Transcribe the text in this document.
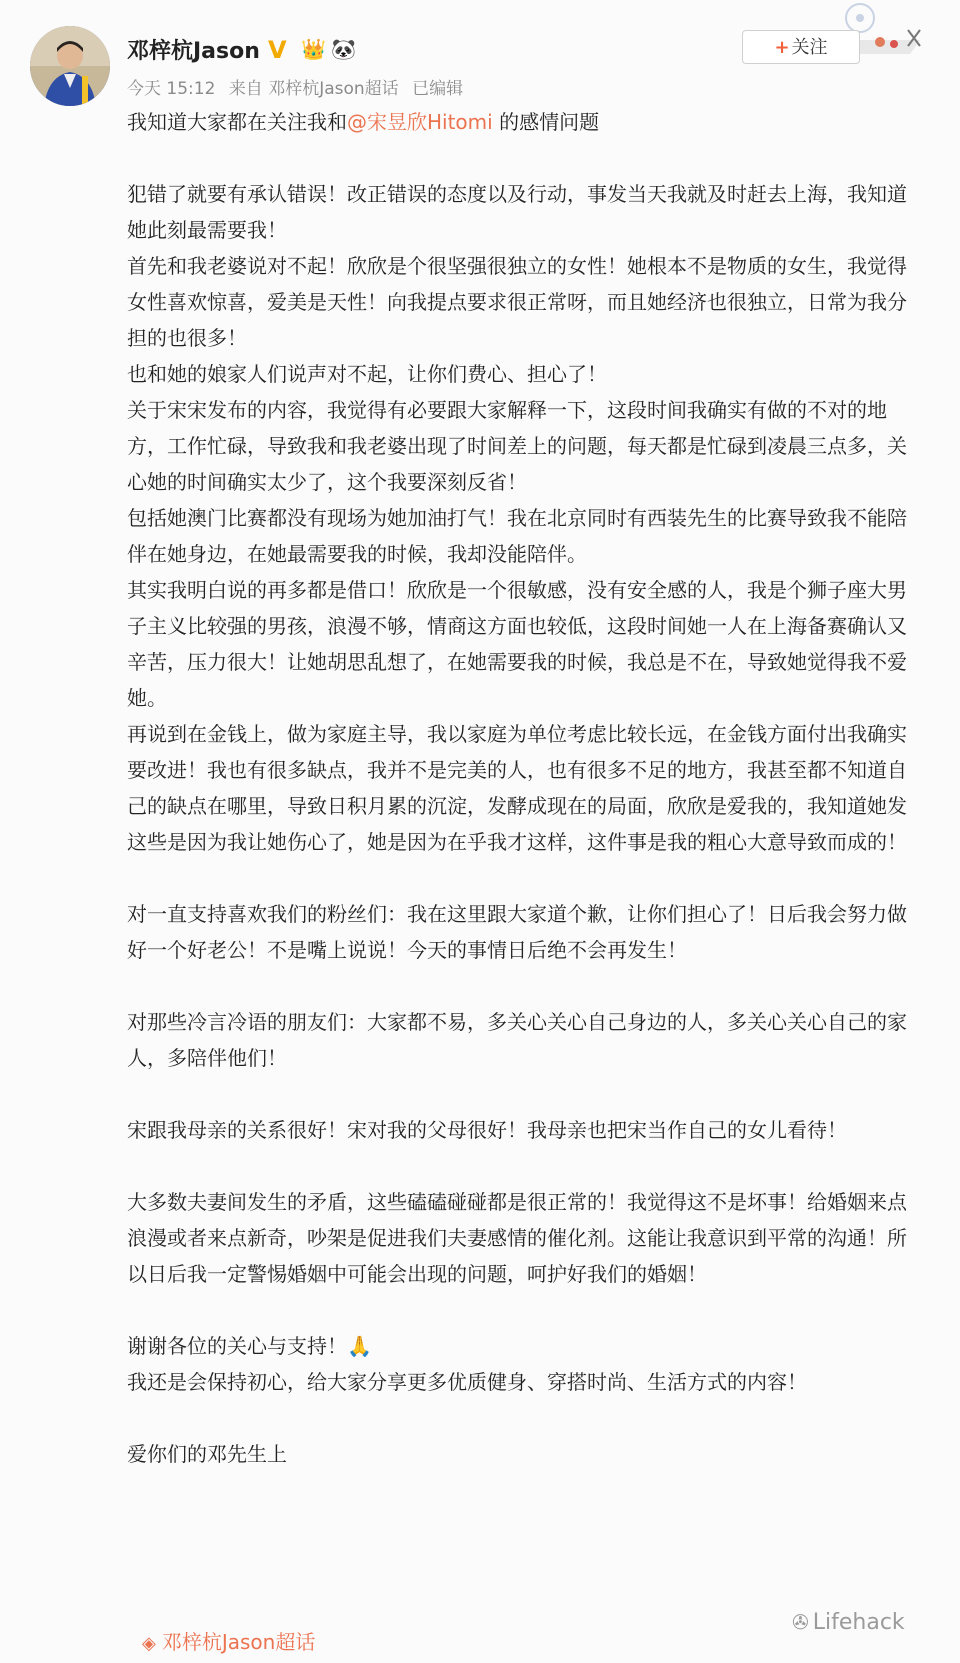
邓梓杭Jason V 👑 🐼
今天 15:12 来自 邓梓杭Jason超话 已编辑
+ 关注

我知道大家都在关注我和@宋昱欣Hitomi 的感情问题

犯错了就要有承认错误！改正错误的态度以及行动，事发当天我就及时赶去上海，我知道她此刻最需要我！

首先和我老婆说对不起！欣欣是个很坚强很独立的女性！她根本不是物质的女生，我觉得女性喜欢惊喜，爱美是天性！向我提点要求很正常呀，而且她经济也很独立，日常为我分担的也很多！

也和她的娘家人们说声对不起，让你们费心、担心了！

关于宋宋发布的内容，我觉得有必要跟大家解释一下，这段时间我确实有做的不对的地方，工作忙碌，导致我和我老婆出现了时间差上的问题，每天都是忙碌到凌晨三点多，关心她的时间确实太少了，这个我要深刻反省！

包括她澳门比赛都没有现场为她加油打气！我在北京同时有西装先生的比赛导致我不能陪伴在她身边，在她最需要我的时候，我却没能陪伴。

其实我明白说的再多都是借口！欣欣是一个很敏感，没有安全感的人，我是个狮子座大男子主义比较强的男孩，浪漫不够，情商这方面也较低，这段时间她一人在上海备赛确认又辛苦，压力很大！让她胡思乱想了，在她需要我的时候，我总是不在，导致她觉得我不爱她。

再说到在金钱上，做为家庭主导，我以家庭为单位考虑比较长远，在金钱方面付出我确实要改进！我也有很多缺点，我并不是完美的人，也有很多不足的地方，我甚至都不知道自己的缺点在哪里，导致日积月累的沉淀，发酵成现在的局面，欣欣是爱我的，我知道她发这些是因为我让她伤心了，她是因为在乎我才这样，这件事是我的粗心大意导致而成的！

对一直支持喜欢我们的粉丝们：我在这里跟大家道个歉，让你们担心了！日后我会努力做好一个好老公！不是嘴上说说！今天的事情日后绝不会再发生！

对那些冷言冷语的朋友们：大家都不易，多关心关心自己身边的人，多关心关心自己的家人，多陪伴他们！

宋跟我母亲的关系很好！宋对我的父母很好！我母亲也把宋当作自己的女儿看待！

大多数夫妻间发生的矛盾，这些磕磕碰碰都是很正常的！我觉得这不是坏事！给婚姻来点浪漫或者来点新奇，吵架是促进我们夫妻感情的催化剂。这能让我意识到平常的沟通！所以日后我一定警惕婚姻中可能会出现的问题，呵护好我们的婚姻！

谢谢各位的关心与支持！🙏

我还是会保持初心，给大家分享更多优质健身、穿搭时尚、生活方式的内容！

爱你们的邓先生上

◈ 邓梓杭Jason超话
✇ Lifehack
